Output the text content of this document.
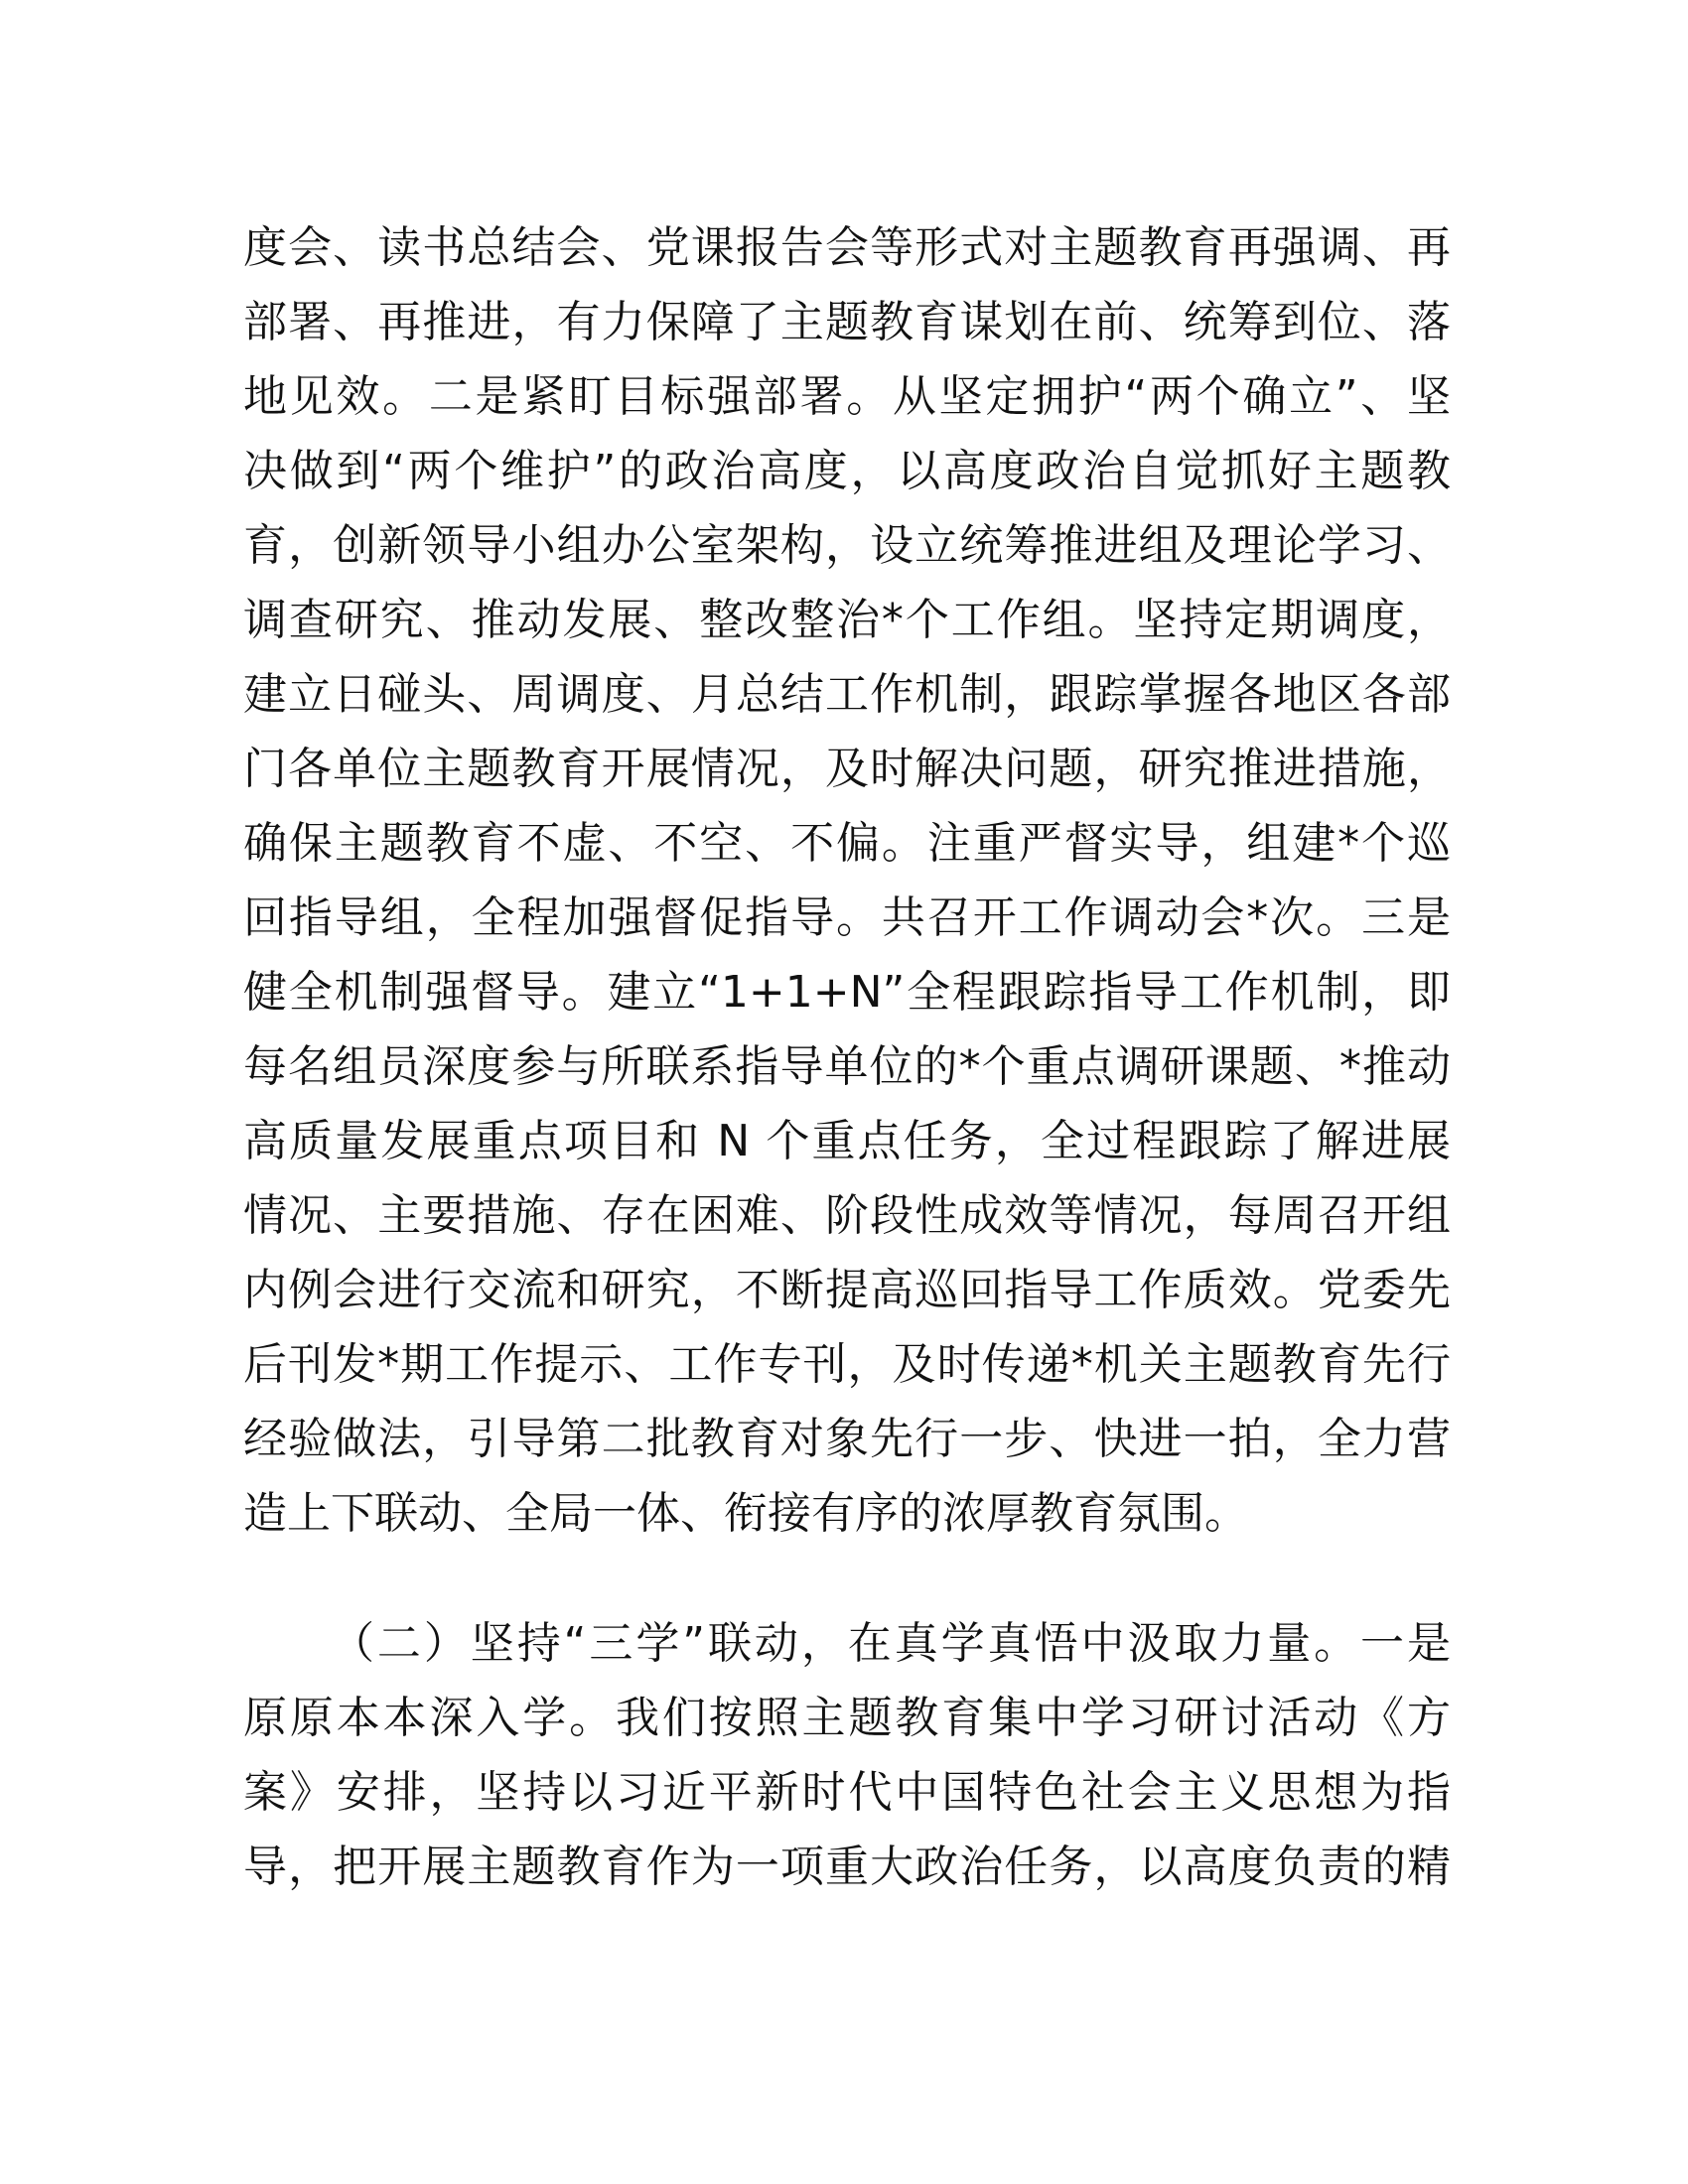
度会、读书总结会、党课报告会等形式对主题教育再强调、再
部署、再推进，有力保障了主题教育谋划在前、统筹到位、落
地见效。二是紧盯目标强部署。从坚定拥护“两个确立”、坚
决做到“两个维护”的政治高度，以高度政治自觉抓好主题教
育，创新领导小组办公室架构，设立统筹推进组及理论学习、
调查研究、推动发展、整改整治*个工作组。坚持定期调度，
建立日碰头、周调度、月总结工作机制，跟踪掌握各地区各部
门各单位主题教育开展情况，及时解决问题，研究推进措施，
确保主题教育不虚、不空、不偏。注重严督实导，组建*个巡
回指导组，全程加强督促指导。共召开工作调动会*次。三是
健全机制强督导。建立“1+1+N”全程跟踪指导工作机制，即
每名组员深度参与所联系指导单位的*个重点调研课题、*推动
高质量发展重点项目和 N 个重点任务，全过程跟踪了解进展
情况、主要措施、存在困难、阶段性成效等情况，每周召开组
内例会进行交流和研究，不断提高巡回指导工作质效。党委先
后刊发*期工作提示、工作专刊，及时传递*机关主题教育先行
经验做法，引导第二批教育对象先行一步、快进一拍，全力营
造上下联动、全局一体、衔接有序的浓厚教育氛围。
（二）坚持“三学”联动，在真学真悟中汲取力量。一是
原原本本深入学。我们按照主题教育集中学习研讨活动《方
案》安排，坚持以习近平新时代中国特色社会主义思想为指
导，把开展主题教育作为一项重大政治任务，以高度负责的精
